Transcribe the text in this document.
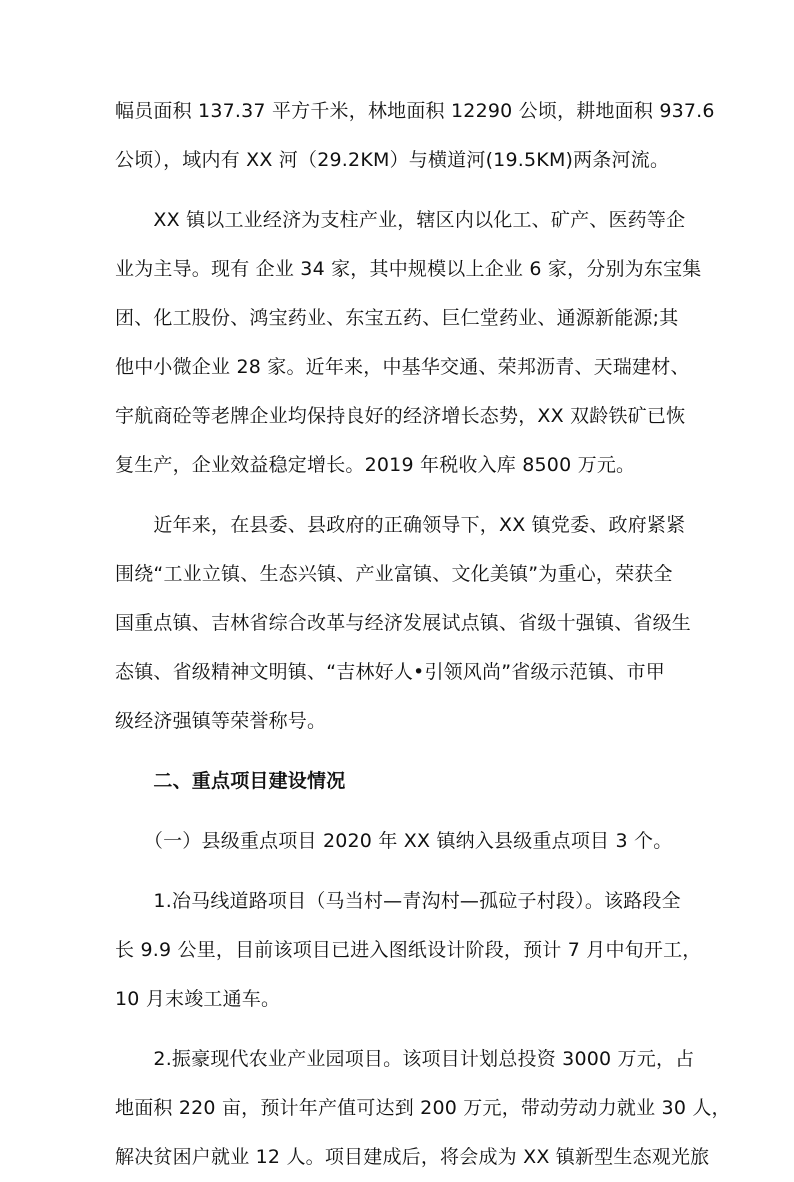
幅员面积 137.37 平方千米，林地面积 12290 公顷，耕地面积 937.6
公顷），域内有 XX 河（29.2KM）与横道河(19.5KM)两条河流。
　　XX 镇以工业经济为支柱产业，辖区内以化工、矿产、医药等企
业为主导。现有 企业 34 家，其中规模以上企业 6 家，分别为东宝集
团、化工股份、鸿宝药业、东宝五药、巨仁堂药业、通源新能源;其
他中小微企业 28 家。近年来，中基华交通、荣邦沥青、天瑞建材、
宇航商砼等老牌企业均保持良好的经济增长态势，XX 双龄铁矿已恢
复生产，企业效益稳定增长。2019 年税收入库 8500 万元。
　　近年来，在县委、县政府的正确领导下，XX 镇党委、政府紧紧
围绕“工业立镇、生态兴镇、产业富镇、文化美镇”为重心，荣获全
国重点镇、吉林省综合改革与经济发展试点镇、省级十强镇、省级生
态镇、省级精神文明镇、“吉林好人•引领风尚”省级示范镇、市甲
级经济强镇等荣誉称号。
　　二、重点项目建设情况
　　（一）县级重点项目 2020 年 XX 镇纳入县级重点项目 3 个。
　　1.冶马线道路项目（马当村—青沟村—孤砬子村段）。该路段全
长 9.9 公里，目前该项目已进入图纸设计阶段，预计 7 月中旬开工，
10 月末竣工通车。
　　2.振豪现代农业产业园项目。该项目计划总投资 3000 万元，占
地面积 220 亩，预计年产值可达到 200 万元，带动劳动力就业 30 人，
解决贫困户就业 12 人。项目建成后，将会成为 XX 镇新型生态观光旅
